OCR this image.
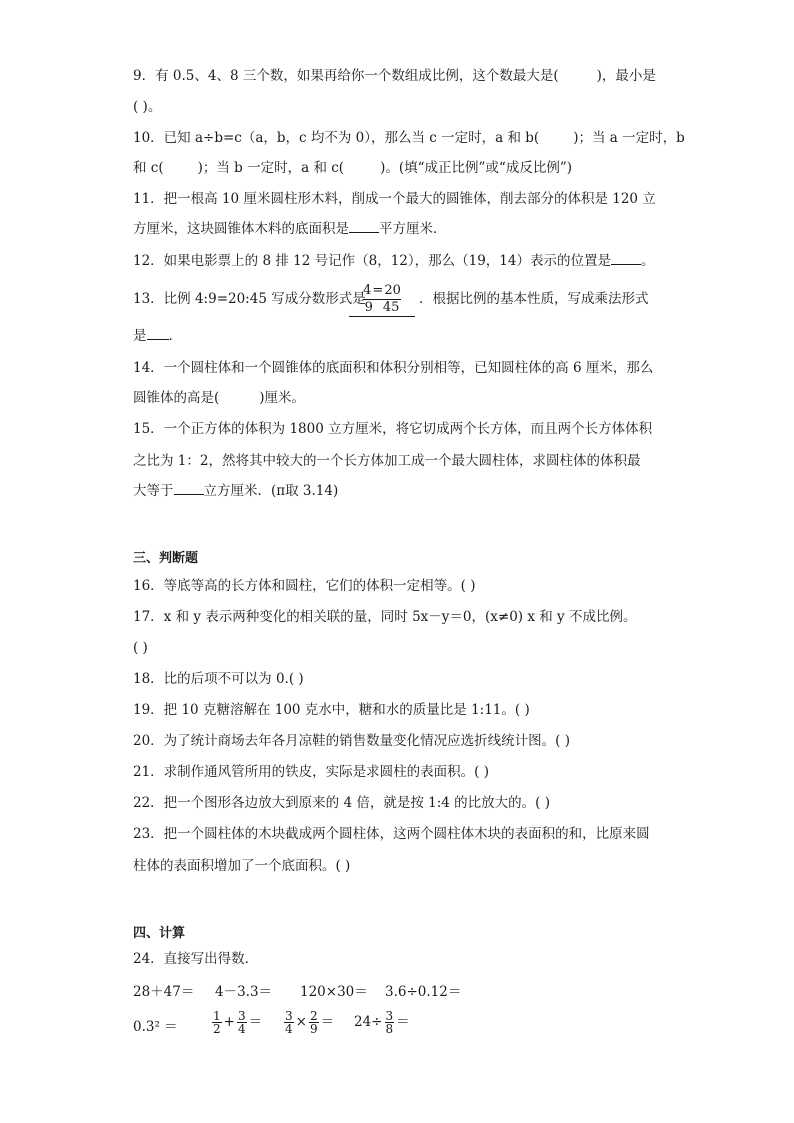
9．有 0.5、4、8 三个数，如果再给你一个数组成比例，这个数最大是(	)，最小是
( )。
10．已知 a÷b=c（a，b，c 均不为 0），那么当 c 一定时，a 和 b(	)；当 a 一定时，b
和 c(	)；当 b 一定时，a 和 c(	)。(填“成正比例”或“成反比例”)
11．把一根高 10 厘米圆柱形木料，削成一个最大的圆锥体，削去部分的体积是 120 立
方厘米，这块圆锥体木料的底面积是 平方厘米．
12．如果电影票上的 8 排 12 号记作（8，12），那么（19，14）表示的位置是 。
13．比例 4:9=20:45 写成分数形式是
4 = 20
9 45
．根据比例的基本性质，写成乘法形式
是 ．
14．一个圆柱体和一个圆锥体的底面积和体积分别相等，已知圆柱体的高 6 厘米，那么
圆锥体的高是(	)厘米。
15．一个正方体的体积为 1800 立方厘米，将它切成两个长方体，而且两个长方体体积
之比为 1：2，然将其中较大的一个长方体加工成一个最大圆柱体，求圆柱体的体积最
大等于 立方厘米．(π取 3.14)
三、判断题
16．等底等高的长方体和圆柱，它们的体积一定相等。( )
17．x 和 y 表示两种变化的相关联的量，同时 5x－y＝0，(x≠0) x 和 y 不成比例。
( )
18．比的后项不可以为 0.( )
19．把 10 克糖溶解在 100 克水中，糖和水的质量比是 1:11。( )
20．为了统计商场去年各月凉鞋的销售数量变化情况应选折线统计图。( )
21．求制作通风管所用的铁皮，实际是求圆柱的表面积。( )
22．把一个图形各边放大到原来的 4 倍，就是按 1:4 的比放大的。( )
23．把一个圆柱体的木块截成两个圆柱体，这两个圆柱体木块的表面积的和，比原来圆
柱体的表面积增加了一个底面积。( )
四、计算
24．直接写出得数．
28＋47＝ 4－3.3＝ 120×30＝ 3.6÷0.12＝
0.3² ＝	$\frac{1}{2} + \frac{3}{4} = \frac{3}{4} \times \frac{2}{9} = 24\div \frac{3}{8}$ ＝
